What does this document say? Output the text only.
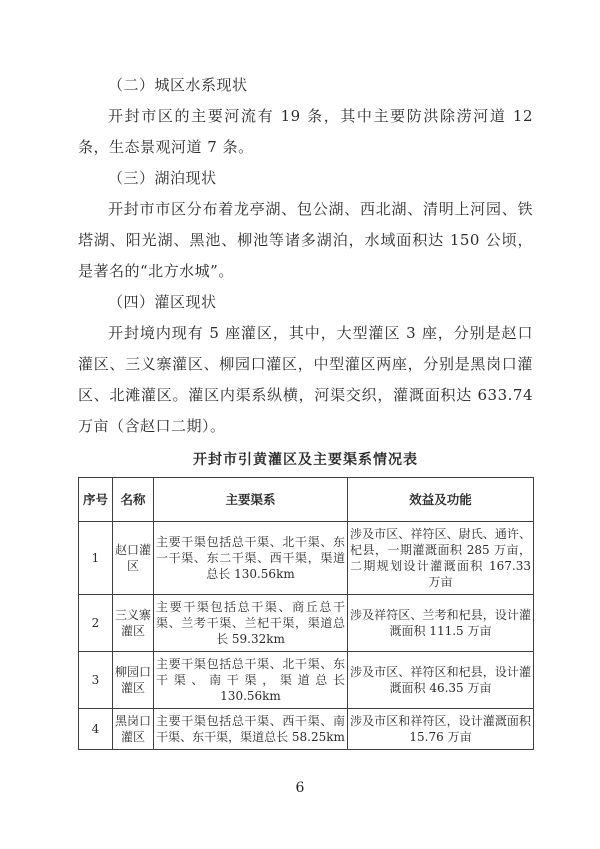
（二）城区水系现状

开封市区的主要河流有 19 条，其中主要防洪除涝河道 12 条，生态景观河道 7 条。

（三）湖泊现状

开封市市区分布着龙亭湖、包公湖、西北湖、清明上河园、铁塔湖、阳光湖、黑池、柳池等诸多湖泊，水域面积达 150 公顷，是著名的“北方水城”。

（四）灌区现状

开封境内现有 5 座灌区，其中，大型灌区 3 座，分别是赵口灌区、三义寨灌区、柳园口灌区，中型灌区两座，分别是黑岗口灌区、北滩灌区。灌区内渠系纵横，河渠交织，灌溉面积达 633.74 万亩（含赵口二期）。

开封市引黄灌区及主要渠系情况表
序号	名称	主要渠系	效益及功能
1	赵口灌区	主要干渠包括总干渠、北干渠、东一干渠、东二干渠、西干渠，渠道总长 130.56km	涉及市区、祥符区、尉氏、通许、杞县，一期灌溉面积 285 万亩，二期规划设计灌溉面积 167.33 万亩
2	三义寨灌区	主要干渠包括总干渠、商丘总干渠、兰考干渠、兰杞干渠，渠道总长 59.32km	涉及祥符区、兰考和杞县，设计灌溉面积 111.5 万亩
3	柳园口灌区	主要干渠包括总干渠、北干渠、东干渠、南干渠，渠道总长 130.56km	涉及市区、祥符区和杞县，设计灌溉面积 46.35 万亩
4	黑岗口灌区	主要干渠包括总干渠、西干渠、南干渠、东干渠，渠道总长 58.25km	涉及市区和祥符区，设计灌溉面积 15.76 万亩
6
